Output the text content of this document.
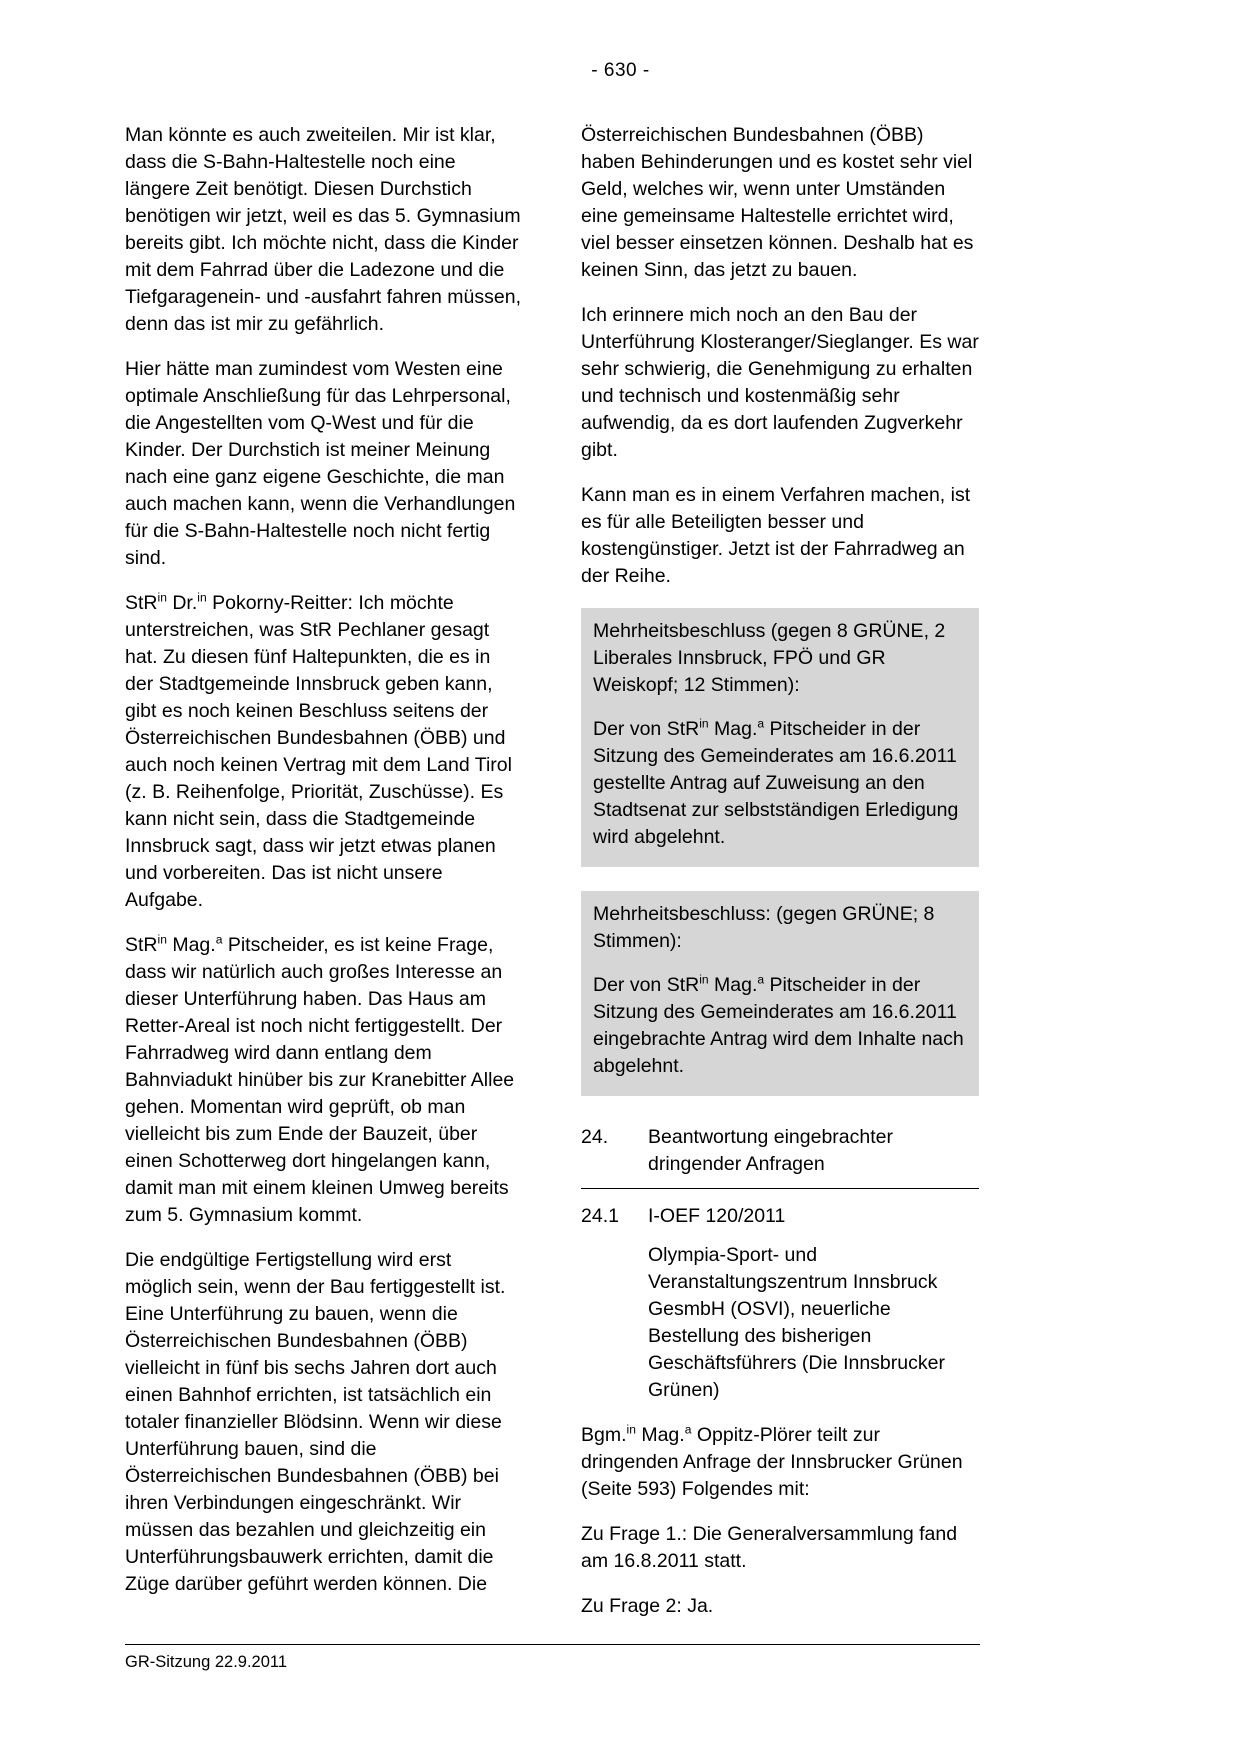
- 630 -

Man könnte es auch zweiteilen. Mir ist klar, dass die S-Bahn-Haltestelle noch eine längere Zeit benötigt. Diesen Durchstich benötigen wir jetzt, weil es das 5. Gymnasium bereits gibt. Ich möchte nicht, dass die Kinder mit dem Fahrrad über die Ladezone und die Tiefgaragenein- und -ausfahrt fahren müssen, denn das ist mir zu gefährlich.

Hier hätte man zumindest vom Westen eine optimale Anschließung für das Lehrpersonal, die Angestellten vom Q-West und für die Kinder. Der Durchstich ist meiner Meinung nach eine ganz eigene Geschichte, die man auch machen kann, wenn die Verhandlungen für die S-Bahn-Haltestelle noch nicht fertig sind.

StR$^{in}$ Dr.$^{in}$ Pokorny-Reitter: Ich möchte unterstreichen, was StR Pechlaner gesagt hat. Zu diesen fünf Haltepunkten, die es in der Stadtgemeinde Innsbruck geben kann, gibt es noch keinen Beschluss seitens der Österreichischen Bundesbahnen (ÖBB) und auch noch keinen Vertrag mit dem Land Tirol (z. B. Reihenfolge, Priorität, Zuschüsse). Es kann nicht sein, dass die Stadtgemeinde Innsbruck sagt, dass wir jetzt etwas planen und vorbereiten. Das ist nicht unsere Aufgabe.

StR$^{in}$ Mag.$^a$ Pitscheider, es ist keine Frage, dass wir natürlich auch großes Interesse an dieser Unterführung haben. Das Haus am Retter-Areal ist noch nicht fertiggestellt. Der Fahrradweg wird dann entlang dem Bahnviadukt hinüber bis zur Kranebitter Allee gehen. Momentan wird geprüft, ob man vielleicht bis zum Ende der Bauzeit, über einen Schotterweg dort hingelangen kann, damit man mit einem kleinen Umweg bereits zum 5. Gymnasium kommt.

Die endgültige Fertigstellung wird erst möglich sein, wenn der Bau fertiggestellt ist. Eine Unterführung zu bauen, wenn die Österreichischen Bundesbahnen (ÖBB) vielleicht in fünf bis sechs Jahren dort auch einen Bahnhof errichten, ist tatsächlich ein totaler finanzieller Blödsinn. Wenn wir diese Unterführung bauen, sind die Österreichischen Bundesbahnen (ÖBB) bei ihren Verbindungen eingeschränkt. Wir müssen das bezahlen und gleichzeitig ein Unterführungsbauwerk errichten, damit die Züge darüber geführt werden können. Die

Österreichischen Bundesbahnen (ÖBB) haben Behinderungen und es kostet sehr viel Geld, welches wir, wenn unter Umständen eine gemeinsame Haltestelle errichtet wird, viel besser einsetzen können. Deshalb hat es keinen Sinn, das jetzt zu bauen.

Ich erinnere mich noch an den Bau der Unterführung Klosteranger/Sieglanger. Es war sehr schwierig, die Genehmigung zu erhalten und technisch und kostenmäßig sehr aufwendig, da es dort laufenden Zugverkehr gibt.

Kann man es in einem Verfahren machen, ist es für alle Beteiligten besser und kostengünstiger. Jetzt ist der Fahrradweg an der Reihe.

Mehrheitsbeschluss (gegen 8 GRÜNE, 2 Liberales Innsbruck, FPÖ und GR Weiskopf; 12 Stimmen):

Der von StR$^{in}$ Mag.$^a$ Pitscheider in der Sitzung des Gemeinderates am 16.6.2011 gestellte Antrag auf Zuweisung an den Stadtsenat zur selbstständigen Erledigung wird abgelehnt.

Mehrheitsbeschluss: (gegen GRÜNE; 8 Stimmen):

Der von StR$^{in}$ Mag.$^a$ Pitscheider in der Sitzung des Gemeinderates am 16.6.2011 eingebrachte Antrag wird dem Inhalte nach abgelehnt.

24.	Beantwortung eingebrachter dringender Anfragen
24.1	I-OEF 120/2011
Olympia-Sport- und Veranstaltungszentrum Innsbruck GesmbH (OSVI), neuerliche Bestellung des bisherigen Geschäftsführers (Die Innsbrucker Grünen)

Bgm.$^{in}$ Mag.$^a$ Oppitz-Plörer teilt zur dringenden Anfrage der Innsbrucker Grünen (Seite 593) Folgendes mit:

Zu Frage 1.: Die Generalversammlung fand am 16.8.2011 statt.

Zu Frage 2: Ja.

GR-Sitzung 22.9.2011
